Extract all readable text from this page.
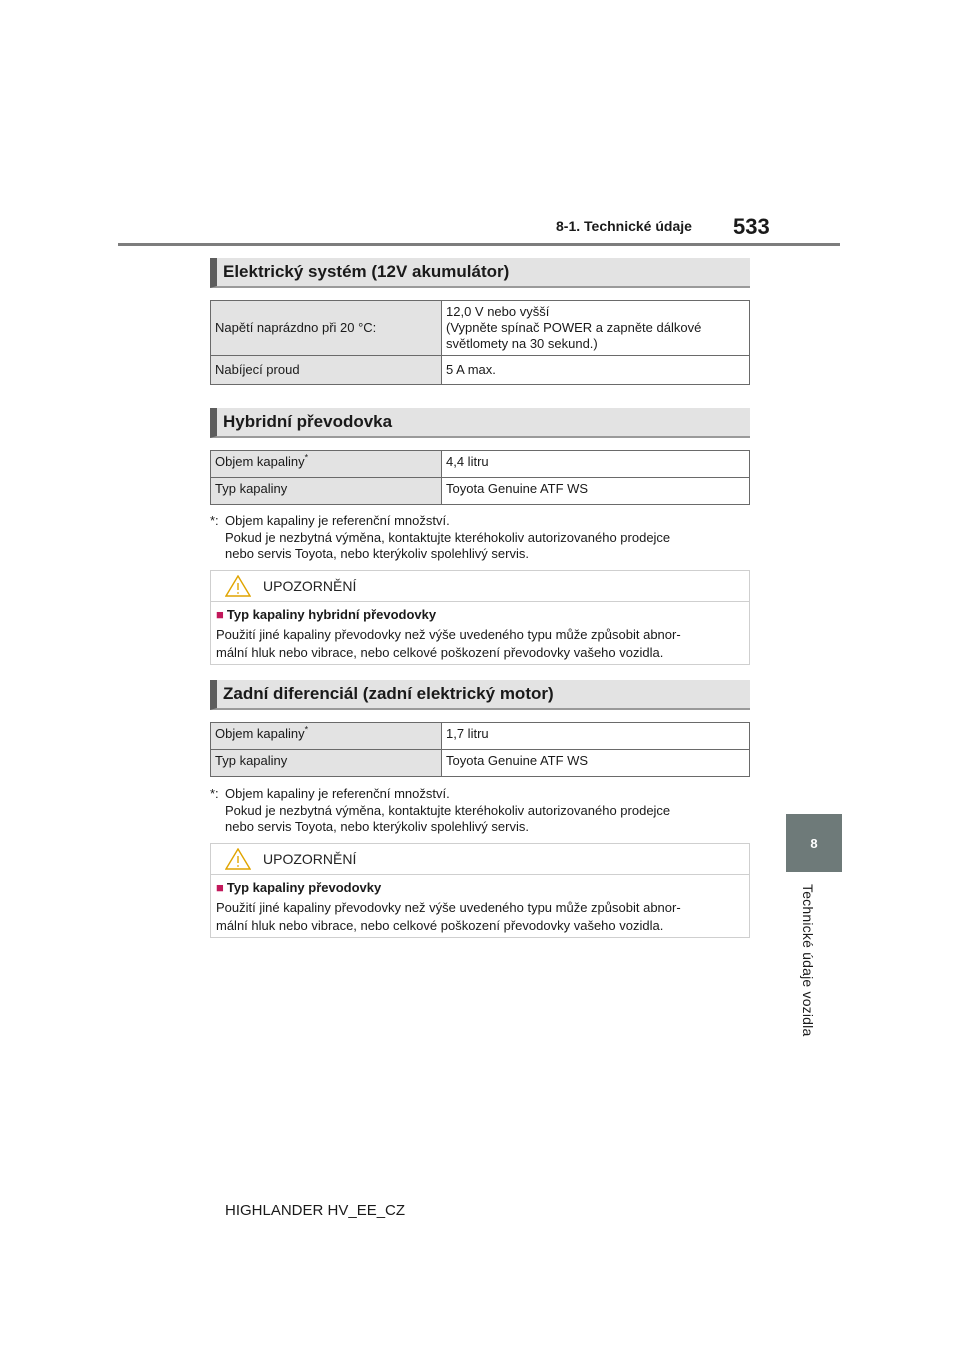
8-1. Technické údaje 533
8
Technické údaje vozidla
Elektrický systém (12V akumulátor)
Napětí naprázdno při 20 °C:	12,0 V nebo vyšší
(Vypněte spínač POWER a zapněte dálkové
světlomety na 30 sekund.)

Nabíjecí proud	5 A max.
Hybridní převodovka
Objem kapaliny*	4,4 litru
Typ kapaliny	Toyota Genuine ATF WS
*: Objem kapaliny je referenční množství.
Pokud je nezbytná výměna, kontaktujte kteréhokoliv autorizovaného prodejce
nebo servis Toyota, nebo kterýkoliv spolehlivý servis.
UPOZORNĚNÍ
■ Typ kapaliny hybridní převodovky
Použití jiné kapaliny převodovky než výše uvedeného typu může způsobit abnor-
mální hluk nebo vibrace, nebo celkové poškození převodovky vašeho vozidla.
Zadní diferenciál (zadní elektrický motor)
Objem kapaliny*	1,7 litru
Typ kapaliny	Toyota Genuine ATF WS
*: Objem kapaliny je referenční množství.
Pokud je nezbytná výměna, kontaktujte kteréhokoliv autorizovaného prodejce
nebo servis Toyota, nebo kterýkoliv spolehlivý servis.
UPOZORNĚNÍ
■ Typ kapaliny převodovky
Použití jiné kapaliny převodovky než výše uvedeného typu může způsobit abnor-
mální hluk nebo vibrace, nebo celkové poškození převodovky vašeho vozidla.
HIGHLANDER HV_EE_CZ
